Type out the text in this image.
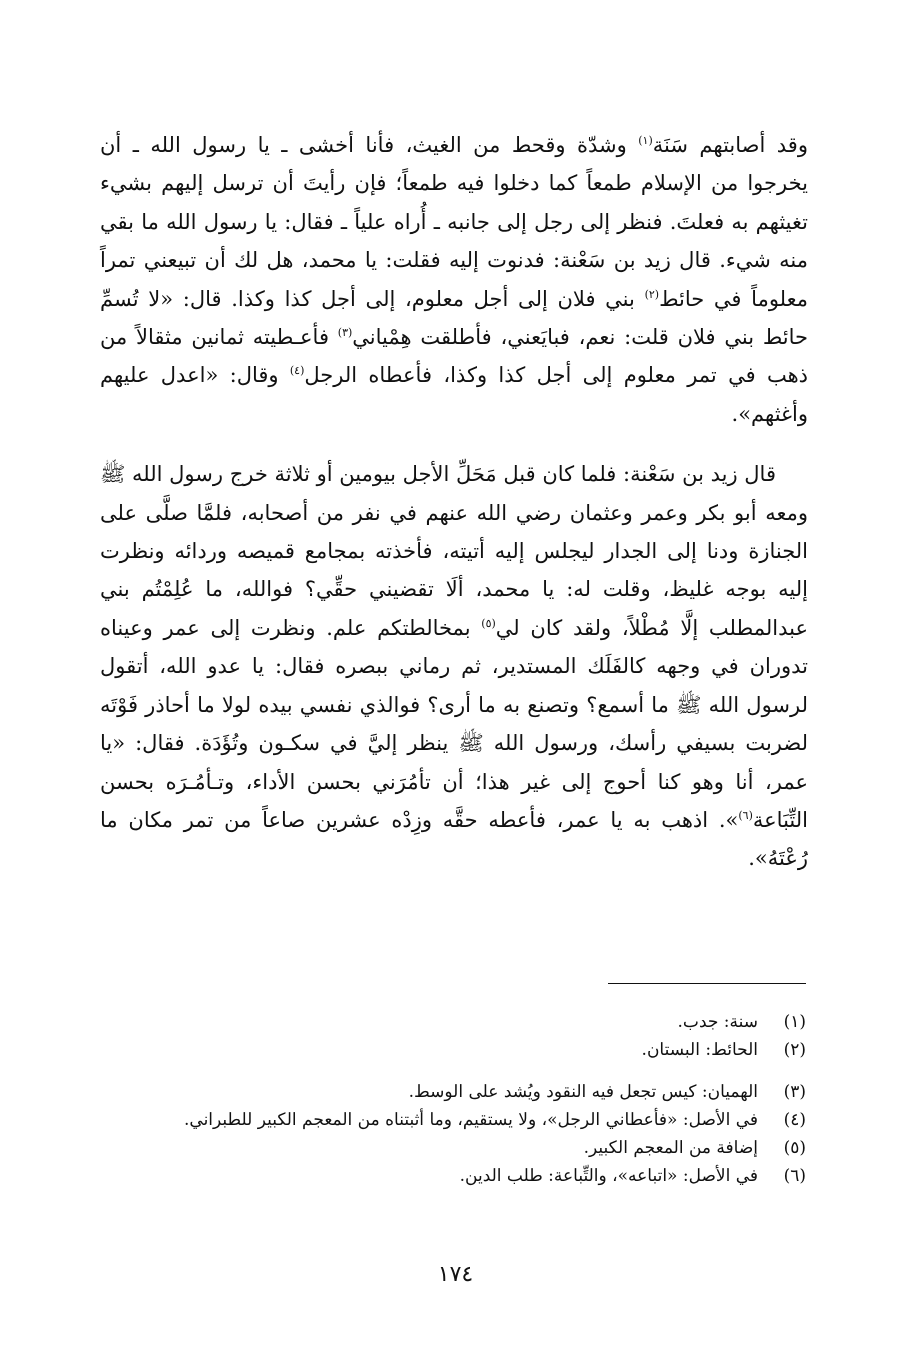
وقد أصابتهم سَنَة$^{(١)}$ وشدّة وقحط من الغيث، فأنا أخشى ـ يا رسول الله ـ أن يخرجوا من الإسلام طمعاً كما دخلوا فيه طمعاً؛ فإن رأيتَ أن ترسل إليهم بشيء تغيثهم به فعلتَ. فنظر إلى رجل إلى جانبه ـ أُراه علياً ـ فقال: يا رسول الله ما بقي منه شيء. قال زيد بن سَعْنة: فدنوت إليه فقلت: يا محمد، هل لك أن تبيعني تمراً معلوماً في حائط$^{(٢)}$ بني فلان إلى أجل معلوم، إلى أجل كذا وكذا. قال: «لا تُسمِّ حائط بني فلان قلت: نعم، فبايَعني، فأطلقت هِمْياني$^{(٣)}$ فأعـطيته ثمانين مثقالاً من ذهب في تمر معلوم إلى أجل كذا وكذا، فأعطاه الرجل$^{(٤)}$ وقال: «اعدل عليهم وأغثهم».

قال زيد بن سَعْنة: فلما كان قبل مَحَلِّ الأجل بيومين أو ثلاثة خرج رسول الله ﷺ ومعه أبو بكر وعمر وعثمان رضي الله عنهم في نفر من أصحابه، فلمَّا صلَّى على الجنازة ودنا إلى الجدار ليجلس إليه أتيته، فأخذته بمجامع قميصه وردائه ونظرت إليه بوجه غليظ، وقلت له: يا محمد، ألَا تقضيني حقِّي؟ فوالله، ما عُلِمْتُم بني عبدالمطلب إلَّا مُطْلاً، ولقد كان لي$^{(٥)}$ بمخالطتكم علم. ونظرت إلى عمر وعيناه تدوران في وجهه كالفَلَك المستدير، ثم رماني ببصره فقال: يا عدو الله، أتقول لرسول الله ﷺ ما أسمع؟ وتصنع به ما أرى؟ فوالذي نفسي بيده لولا ما أحاذر فَوْتَه لضربت بسيفي رأسك، ورسول الله ﷺ ينظر إليَّ في سكـون وتُؤَدَة. فقال: «يا عمر، أنا وهو كنا أحوج إلى غير هذا؛ أن تأمُرَني بحسن الأداء، وتـأمُـرَه بحسن التِّبَاعة$^{(٦)}$». اذهب به يا عمر، فأعطه حقَّه وزِدْه عشرين صاعاً من تمر مكان ما رُعْتَهُ».

(١)
سنة: جدب.
(٢)
الحائط: البستان.
(٣)
الهميان: كيس تجعل فيه النقود ويُشد على الوسط.
(٤)
في الأصل: «فأعطاني الرجل»، ولا يستقيم، وما أثبتناه من المعجم الكبير للطبراني.
(٥)
إضافة من المعجم الكبير.
(٦)
في الأصل: «اتباعه»، والتِّباعة: طلب الدين.
١٧٤
